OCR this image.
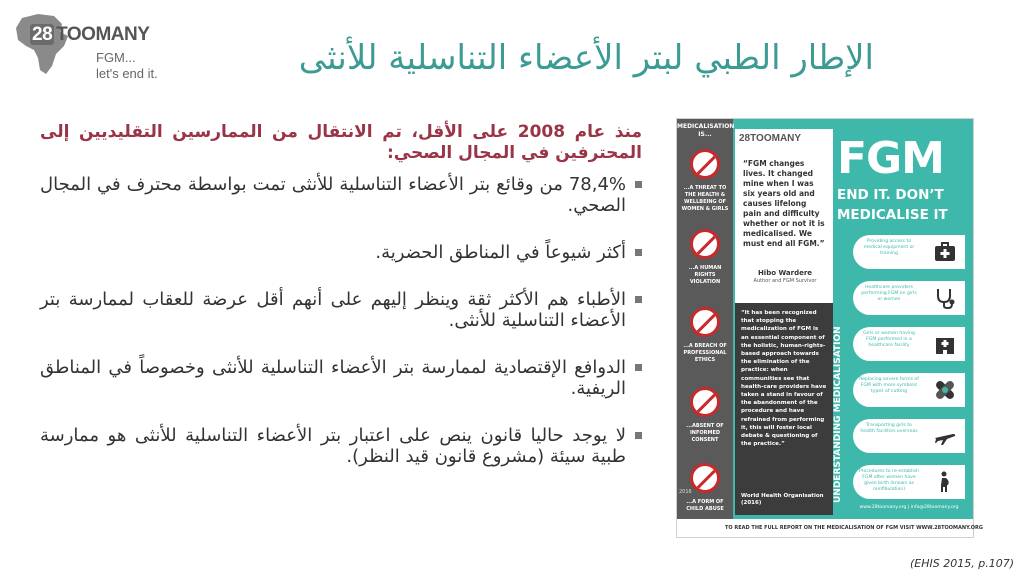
28 TOOMANY
FGM...
let's end it.	الإطار الطبي لبتر الأعضاء التناسلية للأنثى

منذ عام 2008 على الأقل، تم الانتقال من الممارسين التقليديين إلى المحترفين في المجال الصحي:

78,4% من وقائع بتر الأعضاء التناسلية للأنثى تمت بواسطة محترف في المجال الصحي.
أكثر شيوعاً في المناطق الحضرية.
الأطباء هم الأكثر ثقة وينظر إليهم على أنهم أقل عرضة للعقاب لممارسة بتر الأعضاء التناسلية للأنثى.
الدوافع الإقتصادية لممارسة بتر الأعضاء التناسلية للأنثى وخصوصاً في المناطق الريفية.
لا يوجد حاليا قانون ينص على اعتبار بتر الأعضاء التناسلية للأنثى هو ممارسة طبية سيئة (مشروع قانون قيد النظر).
MEDICALISATION IS...
...A THREAT TO THE HEALTH & WELLBEING OF WOMEN & GIRLS
...A HUMAN RIGHTS VIOLATION
...A BREACH OF PROFESSIONAL ETHICS
...ABSENT OF INFORMED CONSENT
...A FORM OF CHILD ABUSE
2016
28TOOMANY
“FGM changes lives. It changed mine when I was six years old and causes lifelong pain and difficulty whether or not it is medicalised. We must end all FGM.”
Hibo Wardere
Author and FGM Survivor
“It has been recognized that stopping the medicalization of FGM is an essential component of the holistic, human-rights-based approach towards the elimination of the practice: when communities see that health-care providers have taken a stand in favour of the abandonment of the procedure and have refrained from performing it, this will foster local debate & questioning of the practice.”
World Health Organisation (2016)
FGM
END IT. DON’T
MEDICALISE IT
UNDERSTANDING MEDICALISATION
Providing access to medical equipment or training
Healthcare providers performing FGM on girls or women
Girls or women having FGM performed in a healthcare facility
Replacing severe forms of FGM with more symbolic types of cutting
Transporting girls to health facilities overseas
Procedures to re-establish FGM after women have given birth (known as reinfibulation)
www.28toomany.org | info@28toomany.org
TO READ THE FULL REPORT ON THE MEDICALISATION OF FGM VISIT WWW.28TOOMANY.ORG
(EHIS 2015, p.107)
